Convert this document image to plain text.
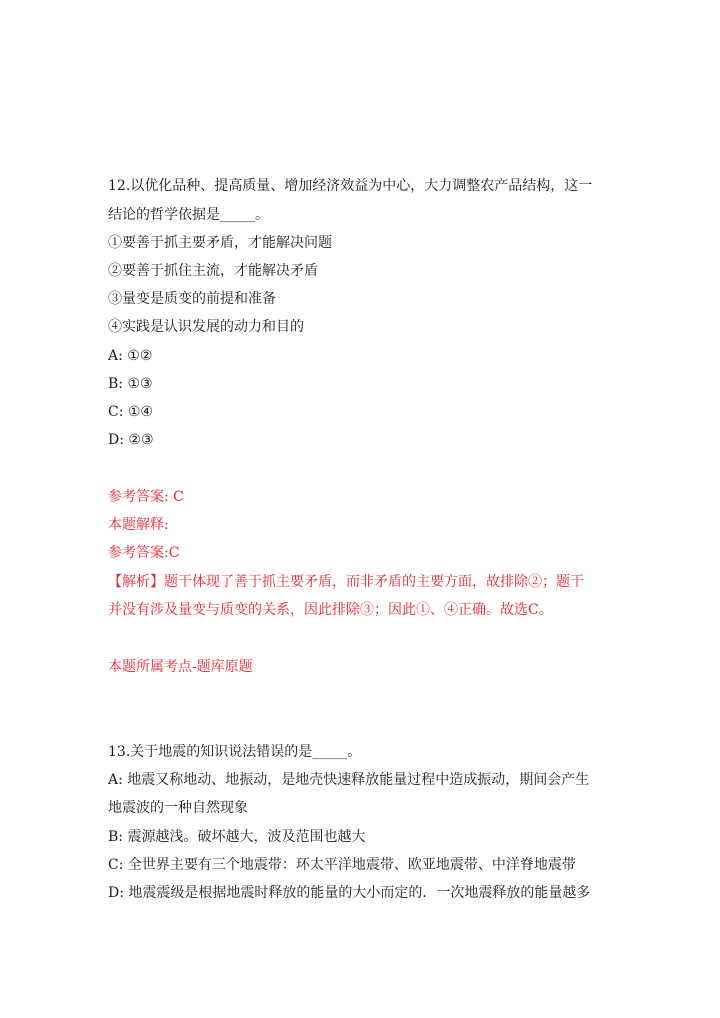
12.以优化品种、提高质量、增加经济效益为中心，大力调整农产品结构，这一
结论的哲学依据是_____。
①要善于抓主要矛盾，才能解决问题
②要善于抓住主流，才能解决矛盾
③量变是质变的前提和准备
④实践是认识发展的动力和目的
A: ①②
B: ①③
C: ①④
D: ②③
参考答案: C
本题解释:
参考答案:C
【解析】题干体现了善于抓主要矛盾，而非矛盾的主要方面，故排除②；题干
并没有涉及量变与质变的关系，因此排除③；因此①、④正确。故选C。
本题所属考点-题库原题
13.关于地震的知识说法错误的是_____。
A: 地震又称地动、地振动，是地壳快速释放能量过程中造成振动，期间会产生
地震波的一种自然现象
B: 震源越浅。破坏越大，波及范围也越大
C: 全世界主要有三个地震带：环太平洋地震带、欧亚地震带、中洋脊地震带
D: 地震震级是根据地震时释放的能量的大小而定的．一次地震释放的能量越多
